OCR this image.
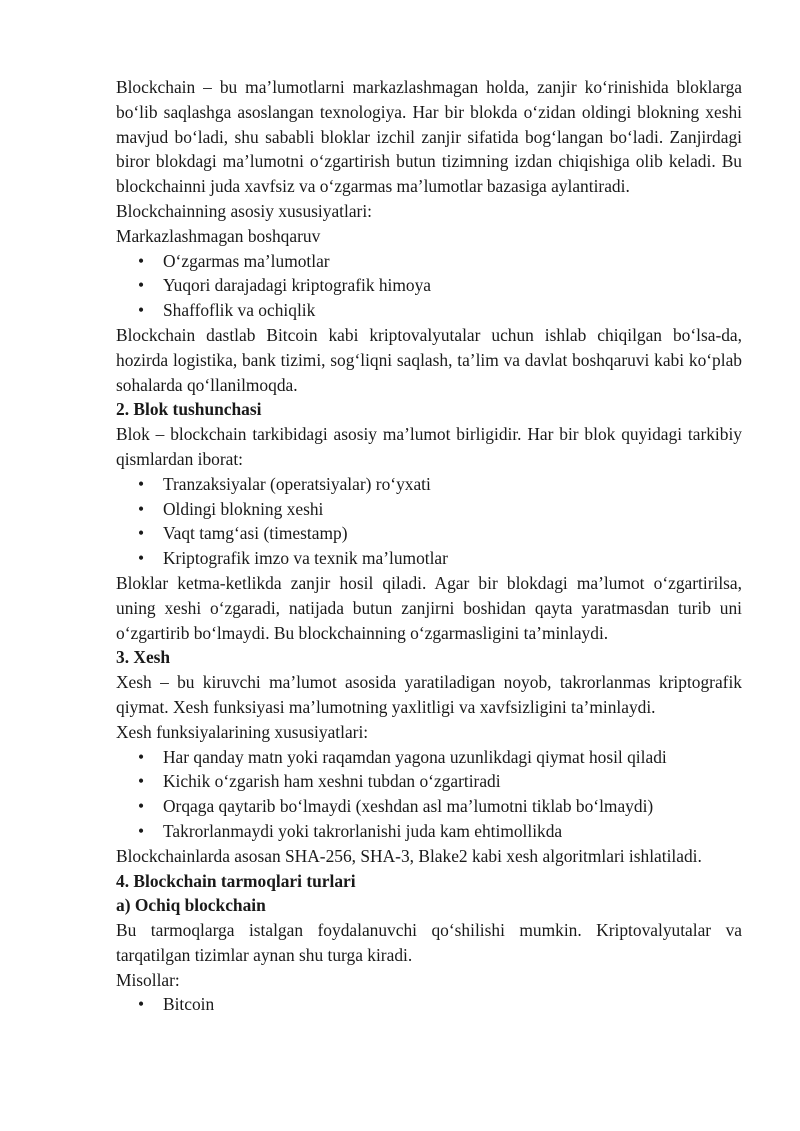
Blockchain – bu ma’lumotlarni markazlashmagan holda, zanjir ko‘rinishida bloklarga bo‘lib saqlashga asoslangan texnologiya. Har bir blokda o‘zidan oldingi blokning xeshi mavjud bo‘ladi, shu sababli bloklar izchil zanjir sifatida bog‘langan bo‘ladi. Zanjirdagi biror blokdagi ma’lumotni o‘zgartirish butun tizimning izdan chiqishiga olib keladi. Bu blockchainni juda xavfsiz va o‘zgarmas ma’lumotlar bazasiga aylantiradi.

Blockchainning asosiy xususiyatlari:

Markazlashmagan boshqaruv

• O‘zgarmas ma’lumotlar
• Yuqori darajadagi kriptografik himoya
• Shaffoflik va ochiqlik

Blockchain dastlab Bitcoin kabi kriptovalyutalar uchun ishlab chiqilgan bo‘lsa-da, hozirda logistika, bank tizimi, sog‘liqni saqlash, ta’lim va davlat boshqaruvi kabi ko‘plab sohalarda qo‘llanilmoqda.

2. Blok tushunchasi

Blok – blockchain tarkibidagi asosiy ma’lumot birligidir. Har bir blok quyidagi tarkibiy qismlardan iborat:

• Tranzaksiyalar (operatsiyalar) ro‘yxati
• Oldingi blokning xeshi
• Vaqt tamg‘asi (timestamp)
• Kriptografik imzo va texnik ma’lumotlar

Bloklar ketma-ketlikda zanjir hosil qiladi. Agar bir blokdagi ma’lumot o‘zgartirilsa, uning xeshi o‘zgaradi, natijada butun zanjirni boshidan qayta yaratmasdan turib uni o‘zgartirib bo‘lmaydi. Bu blockchainning o‘zgarmasligini ta’minlaydi.

3. Xesh

Xesh – bu kiruvchi ma’lumot asosida yaratiladigan noyob, takrorlanmas kriptografik qiymat. Xesh funksiyasi ma’lumotning yaxlitligi va xavfsizligini ta’minlaydi.

Xesh funksiyalarining xususiyatlari:

• Har qanday matn yoki raqamdan yagona uzunlikdagi qiymat hosil qiladi
• Kichik o‘zgarish ham xeshni tubdan o‘zgartiradi
• Orqaga qaytarib bo‘lmaydi (xeshdan asl ma’lumotni tiklab bo‘lmaydi)
• Takrorlanmaydi yoki takrorlanishi juda kam ehtimollikda

Blockchainlarda asosan SHA-256, SHA-3, Blake2 kabi xesh algoritmlari ishlatiladi.

4. Blockchain tarmoqlari turlari
a) Ochiq blockchain

Bu tarmoqlarga istalgan foydalanuvchi qo‘shilishi mumkin. Kriptovalyutalar va tarqatilgan tizimlar aynan shu turga kiradi.

Misollar:

• Bitcoin
